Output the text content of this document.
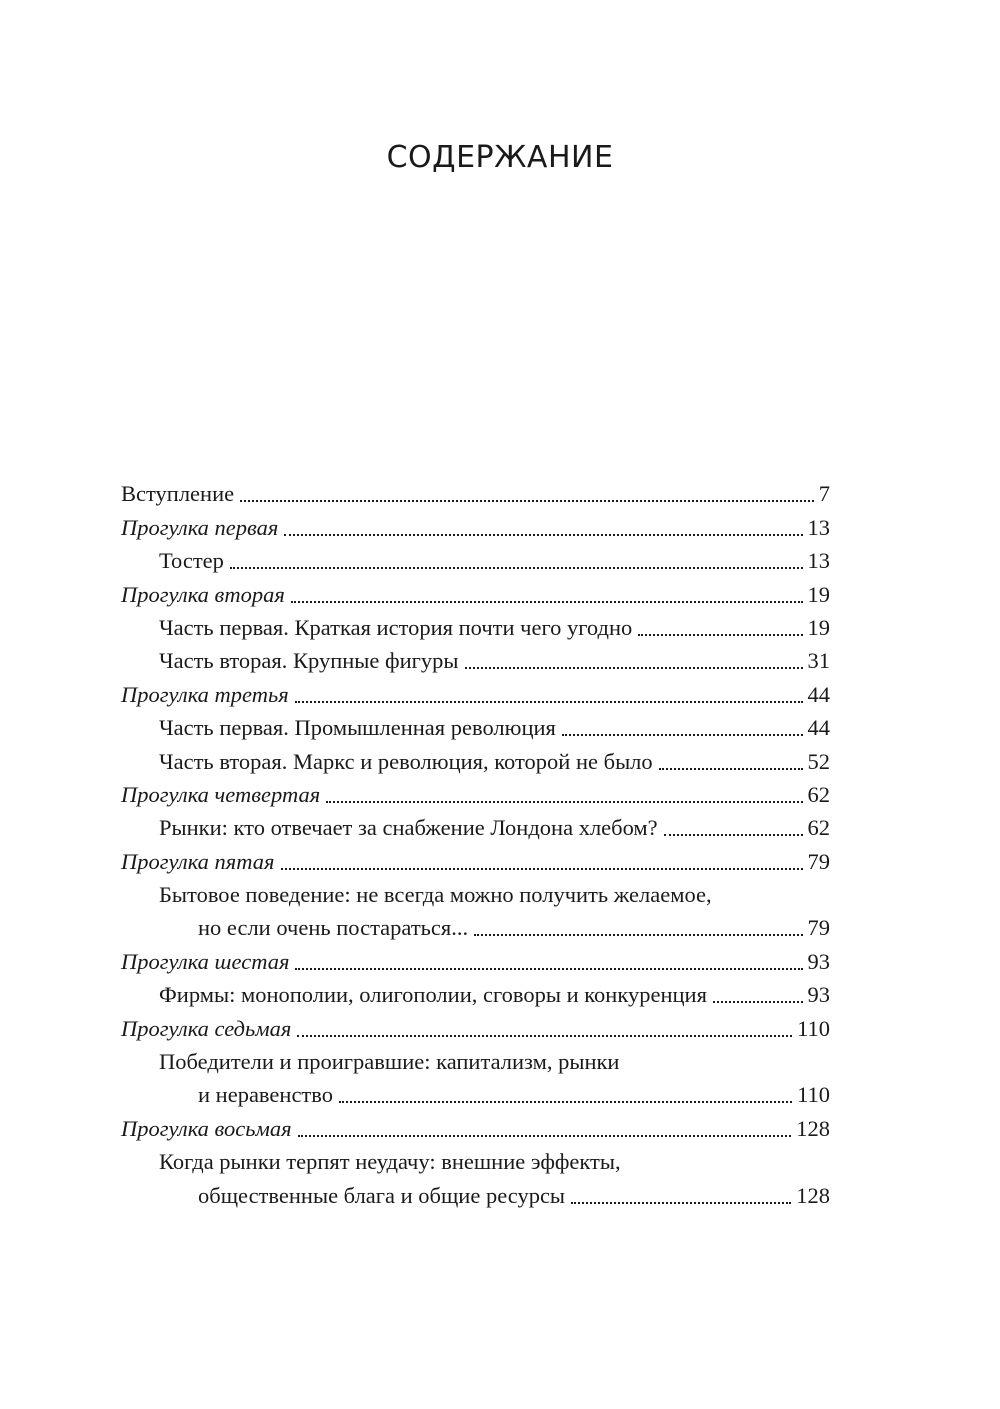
СОДЕРЖАНИЕ
Вступление	7
Прогулка первая	13
Тостер	13
Прогулка вторая	19
Часть первая. Краткая история почти чего угодно	19
Часть вторая. Крупные фигуры	31
Прогулка третья	44
Часть первая. Промышленная революция	44
Часть вторая. Маркс и революция, которой не было	52
Прогулка четвертая	62
Рынки: кто отвечает за снабжение Лондона хлебом?	62
Прогулка пятая	79
Бытовое поведение: не всегда можно получить желаемое,
но если очень постараться...	79
Прогулка шестая	93
Фирмы: монополии, олигополии, сговоры и конкуренция	93
Прогулка седьмая	110
Победители и проигравшие: капитализм, рынки
и неравенство	110
Прогулка восьмая	128
Когда рынки терпят неудачу: внешние эффекты,
общественные блага и общие ресурсы	128
